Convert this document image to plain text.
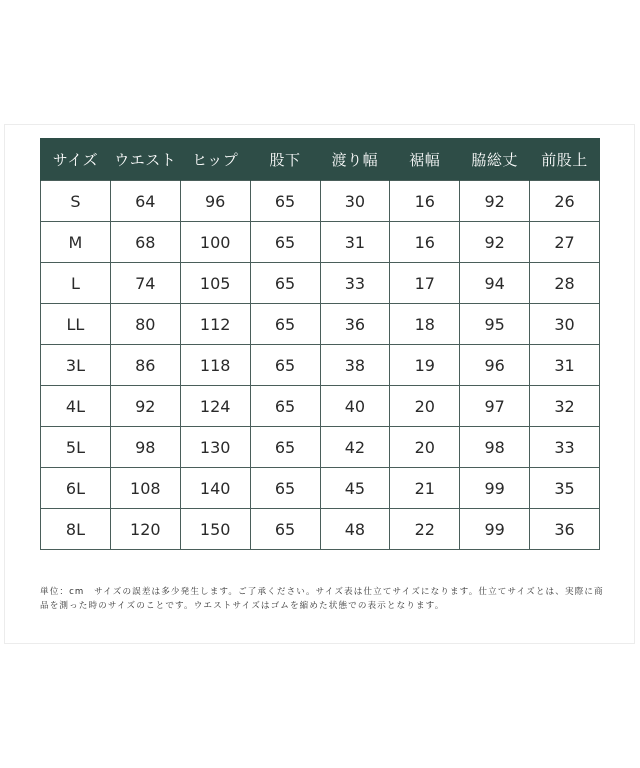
サイズ	ウエスト	ヒップ	股下	渡り幅	裾幅	脇総丈	前股上
S	64	96	65	30	16	92	26
M	68	100	65	31	16	92	27
L	74	105	65	33	17	94	28
LL	80	112	65	36	18	95	30
3L	86	118	65	38	19	96	31
4L	92	124	65	40	20	97	32
5L	98	130	65	42	20	98	33
6L	108	140	65	45	21	99	35
8L	120	150	65	48	22	99	36

単位：cm　サイズの誤差は多少発生します。ご了承ください。サイズ表は仕立てサイズになります。仕立てサイズとは、実際に商品を測った時のサイズのことです。ウエストサイズはゴムを縮めた状態での表示となります。
